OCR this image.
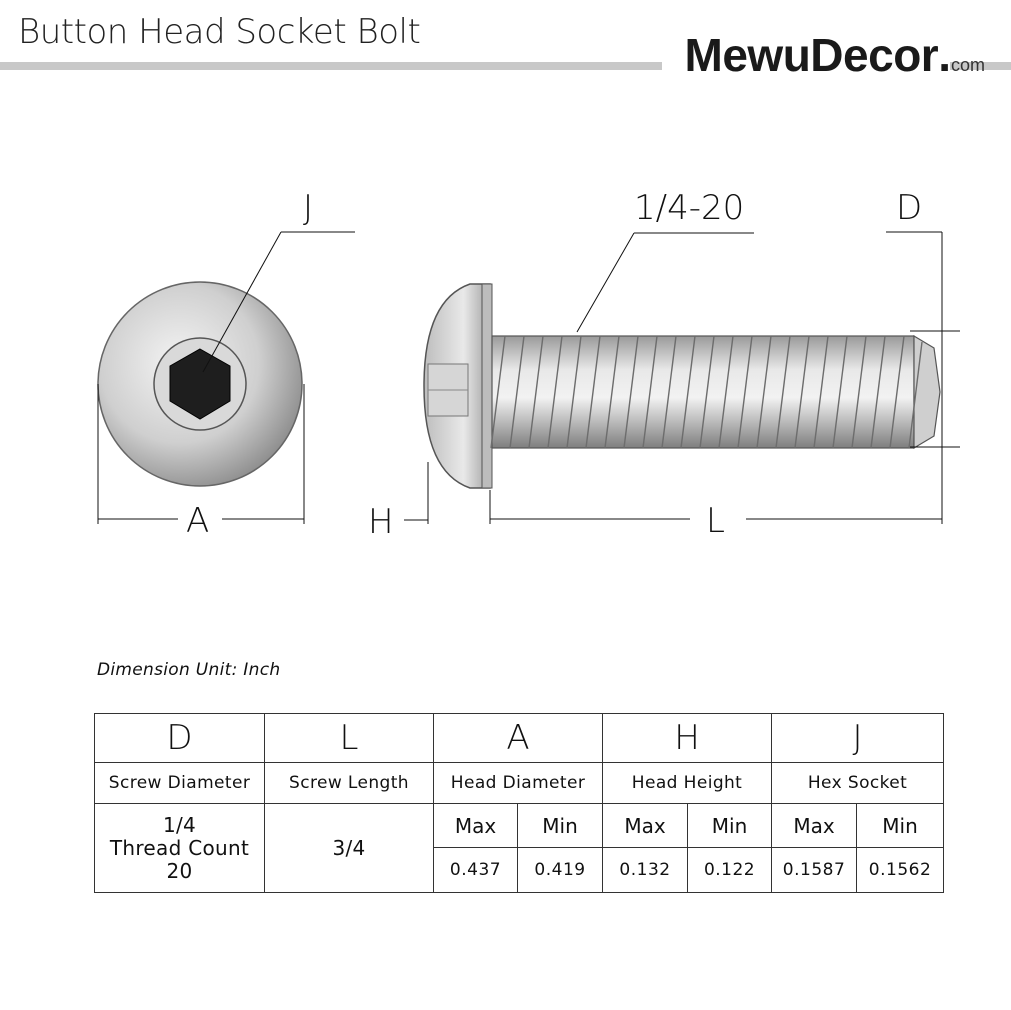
Button Head Socket Bolt	MewuDecor.com
J
A
1/4-20	D
H	L
Dimension Unit: Inch
D	L	A		H		J	
Screw Diameter	Screw Length	Head Diameter		Head Height		Hex Socket	

1/4
Thread Count 20	3/4	Max	Min	Max	Min	Max	Min
		0.437	0.419	0.132	0.122	0.1587	0.1562
